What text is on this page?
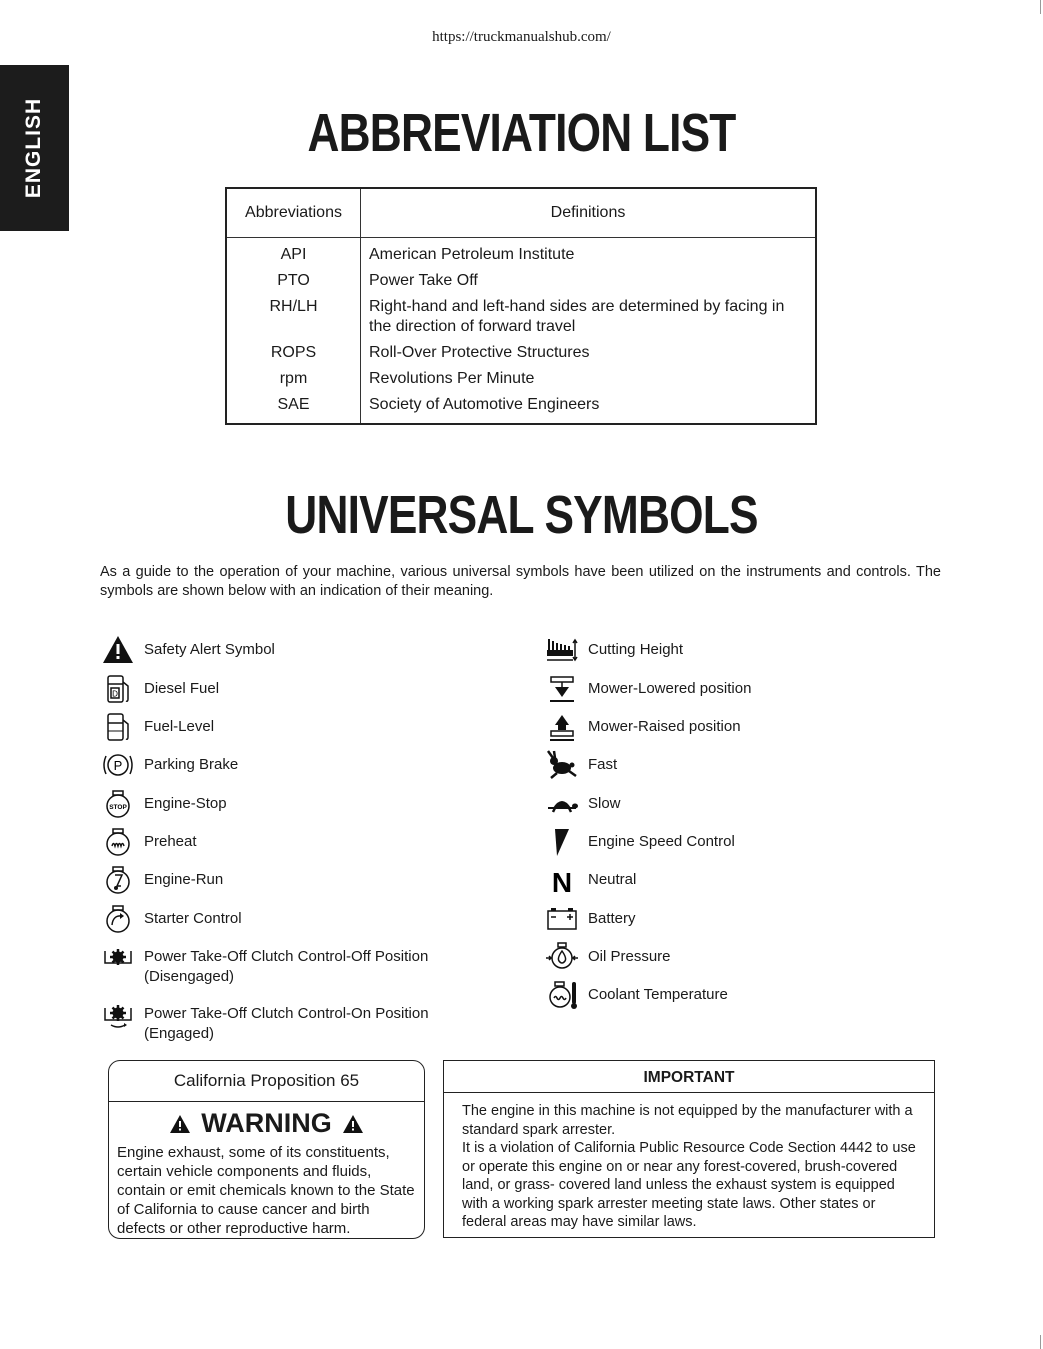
https://truckmanualshub.com/
ENGLISH	ABBREVIATION LIST
Abbreviations	Definitions
API	American Petroleum Institute
PTO	Power Take Off
RH/LH	Right-hand and left-hand sides are determined by facing in the direction of forward travel
ROPS	Roll-Over Protective Structures
rpm	Revolutions Per Minute
SAE	Society of Automotive Engineers
UNIVERSAL SYMBOLS
As a guide to the operation of your machine, various universal symbols have been utilized on the instruments and controls. The symbols are shown below with an indication of their meaning.
Safety Alert Symbol
D Diesel Fuel
Fuel-Level
P Parking Brake
STOP Engine-Stop
Preheat
Engine-Run
Starter Control
Power Take-Off Clutch Control-Off Position (Disengaged)
Power Take-Off Clutch Control-On Position (Engaged)
Cutting Height
Mower-Lowered position
Mower-Raised position
Fast
Slow
Engine Speed Control
N Neutral
Battery
Oil Pressure
Coolant Temperature
California Proposition 65
WARNING
Engine exhaust, some of its constituents, certain vehicle components and fluids, contain or emit chemicals known to the State of California to cause cancer and birth defects or other reproductive harm.
IMPORTANT
The engine in this machine is not equipped by the manufacturer with a standard spark arrester.
It is a violation of California Public Resource Code Section 4442 to use or operate this engine on or near any forest-covered, brush-covered land, or grass- covered land unless the exhaust system is equipped with a working spark arrester meeting state laws. Other states or federal areas may have similar laws.
